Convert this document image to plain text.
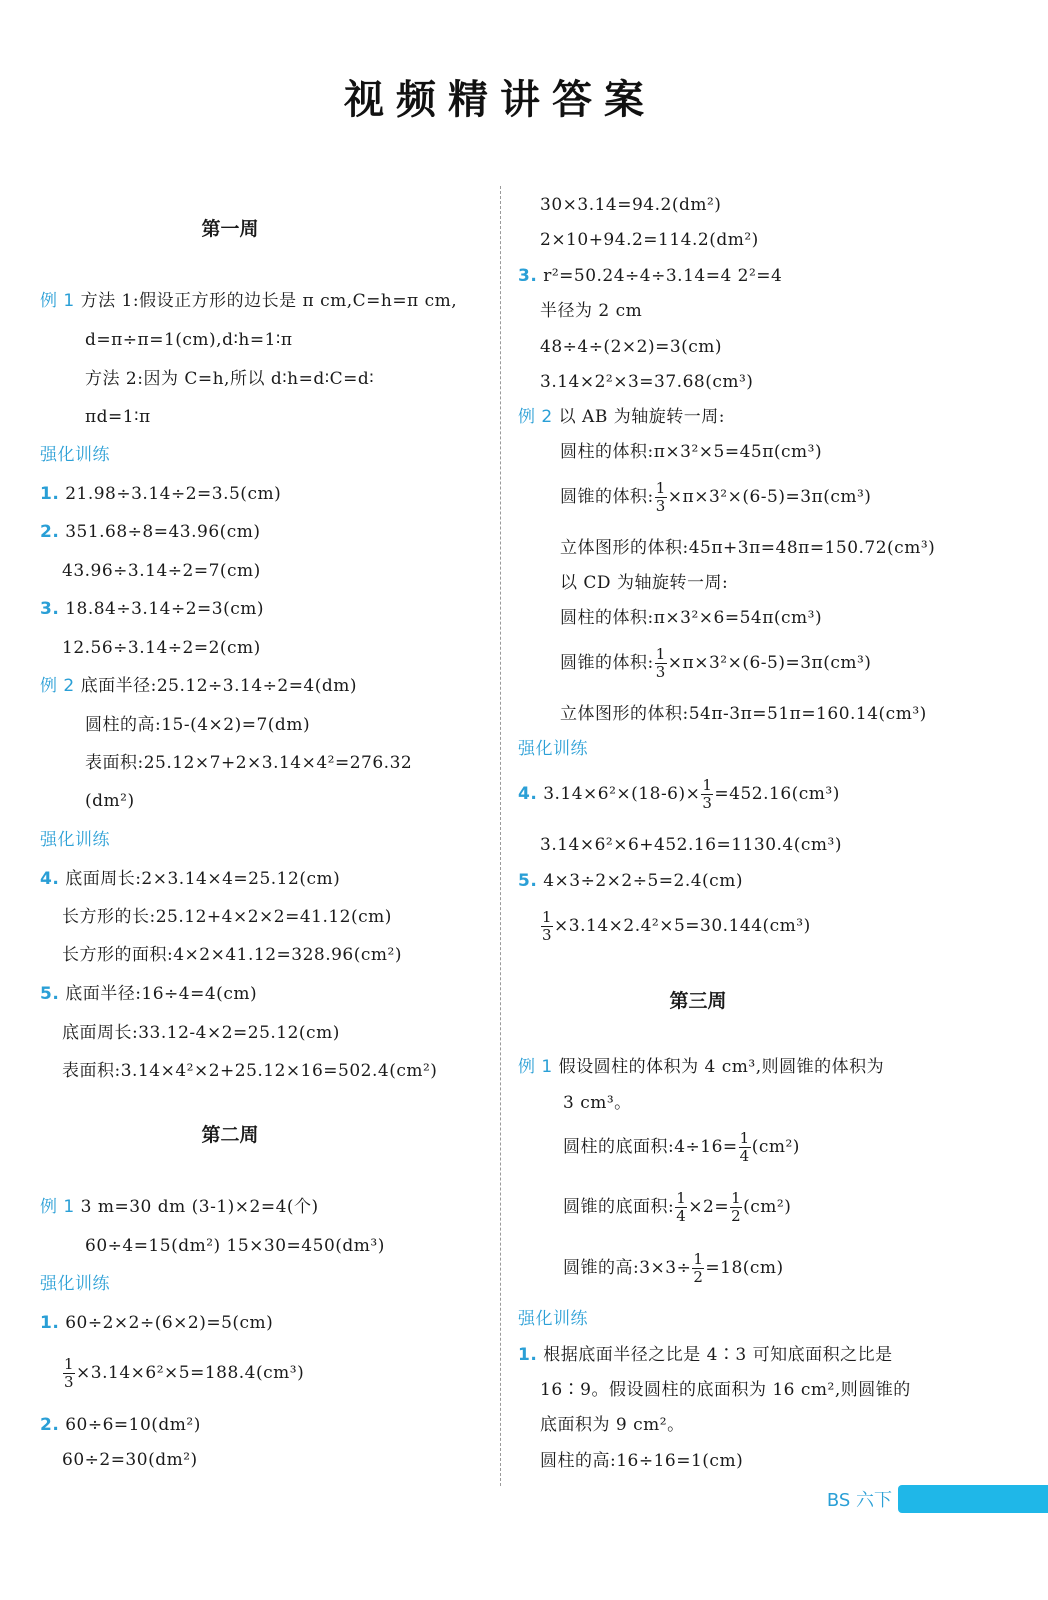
视频精讲答案
第一周
例 1 方法 1:假设正方形的边长是 π cm,C=h=π cm,
d=π÷π=1(cm),d∶h=1∶π
方法 2:因为 C=h,所以 d∶h=d∶C=d∶
πd=1∶π
强化训练
1. 21.98÷3.14÷2=3.5(cm)
2. 351.68÷8=43.96(cm)
43.96÷3.14÷2=7(cm)
3. 18.84÷3.14÷2=3(cm)
12.56÷3.14÷2=2(cm)
例 2 底面半径:25.12÷3.14÷2=4(dm)
圆柱的高:15-(4×2)=7(dm)
表面积:25.12×7+2×3.14×4²=276.32
(dm²)
强化训练
4. 底面周长:2×3.14×4=25.12(cm)
长方形的长:25.12+4×2×2=41.12(cm)
长方形的面积:4×2×41.12=328.96(cm²)
5. 底面半径:16÷4=4(cm)
底面周长:33.12-4×2=25.12(cm)
表面积:3.14×4²×2+25.12×16=502.4(cm²)
第二周
例 1 3 m=30 dm (3-1)×2=4(个)
60÷4=15(dm²) 15×30=450(dm³)
强化训练
1. 60÷2×2÷(6×2)=5(cm)
$\frac{1}{3} \times 3.14\times 6^2\times 5=188.4(cm^3)$
2. 60÷6=10(dm²)
60÷2=30(dm²)
30×3.14=94.2(dm²)
2×10+94.2=114.2(dm²)
3. r²=50.24÷4÷3.14=4 2²=4
半径为 2 cm
48÷4÷(2×2)=3(cm)
3.14×2²×3=37.68(cm³)
例 2 以 AB 为轴旋转一周:
圆柱的体积:π×3²×5=45π(cm³)
圆锥的体积: $\frac{1}{3} \times\pi\times 3^2\times(6-5)=3\pi(cm^3)$
立体图形的体积:45π+3π=48π=150.72(cm³)
以 CD 为轴旋转一周:
圆柱的体积:π×3²×6=54π(cm³)
圆锥的体积: $\frac{1}{3} \times\pi\times 3^2\times(6-5)=3\pi(cm^3)$
立体图形的体积:54π-3π=51π=160.14(cm³)
强化训练
4. $3.14\times 6^2\times(18-6)\times \frac{1}{3} =452.16(cm^3)$
3.14×6²×6+452.16=1130.4(cm³)
5. 4×3÷2×2÷5=2.4(cm)
$\frac{1}{3} \times 3.14\times 2.4^2\times 5=30.144(cm^3)$
第三周
例 1 假设圆柱的体积为 4 cm³,则圆锥的体积为
3 cm³。
圆柱的底面积:4÷16= $\frac{1}{4} (cm^2)$
圆锥的底面积: $\frac{1}{4} \times 2= \frac{1}{2} (cm^2)$
圆锥的高:3×3÷ $\frac{1}{2} =18(cm)$
强化训练
1. 根据底面半径之比是 4∶3 可知底面积之比是
16∶9。假设圆柱的底面积为 16 cm²,则圆锥的
底面积为 9 cm²。
圆柱的高:16÷16=1(cm)
BS 六下
